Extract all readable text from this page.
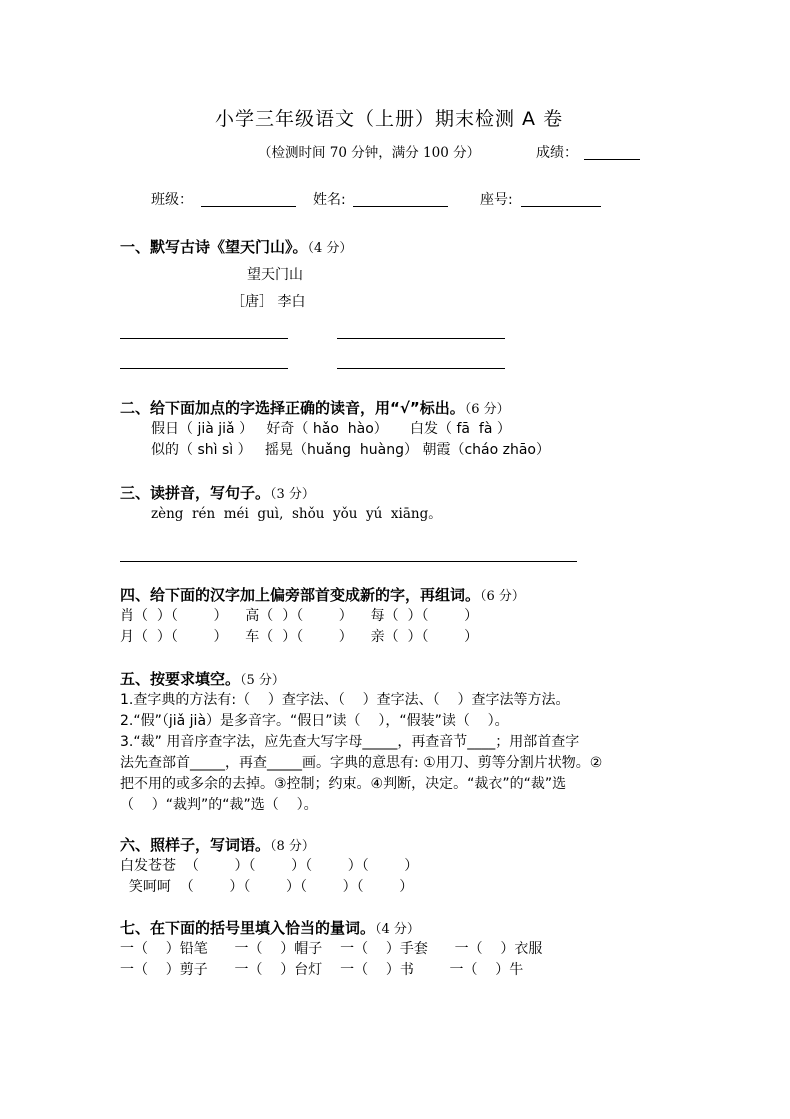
小学三年级语文（上册）期末检测 A 卷
（检测时间 70 分钟，满分 100 分）	成绩：
班级：	姓名:	座号:
一、默写古诗《望天门山》。（4 分）
望天门山
［唐］ 李白
二、给下面加点的字选择正确的读音，用“√”标出。（6 分）
假日（ jià jiǎ ）   好奇（ hǎo  hào）     白发（ fā  fà ）
似的（ shì sì ）   摇晃（huǎng  huàng） 朝霞（cháo zhāo）
三、读拼音，写句子。（3 分）
zèng  rén  méi  guì,  shǒu  yǒu  yú  xiāng。
四、给下面的汉字加上偏旁部首变成新的字，再组词。（6 分）
肖（  ）（        ）    高（  ）（        ）    每（  ）（        ）
月（  ）（        ）    车（  ）（        ）    亲（  ）（        ）
五、按要求填空。（5 分）
1.查字典的方法有:（    ）查字法、（    ）查字法、（    ）查字法等方法。
2.“假”（jiǎ jià）是多音字。“假日”读（    ），“假装”读（    ）。
3.“裁” 用音序查字法，应先查大写字母_____，再查音节____；用部首查字
法先查部首_____，再查_____画。字典的意思有: ①用刀、剪等分割片状物。②
把不用的或多余的去掉。③控制；约束。④判断，决定。“裁衣”的“裁”选
（    ）“裁判”的“裁”选（    ）。
六、照样子，写词语。（8 分）
白发苍苍  （        ）（        ）（        ）（        ）
笑呵呵  （        ）（        ）（        ）（        ）
七、在下面的括号里填入恰当的量词。（4 分）
一（    ）铅笔      一（    ）帽子    一（    ）手套      一（    ）衣服
一（    ）剪子      一（    ）台灯    一（    ）书        一（    ）牛
